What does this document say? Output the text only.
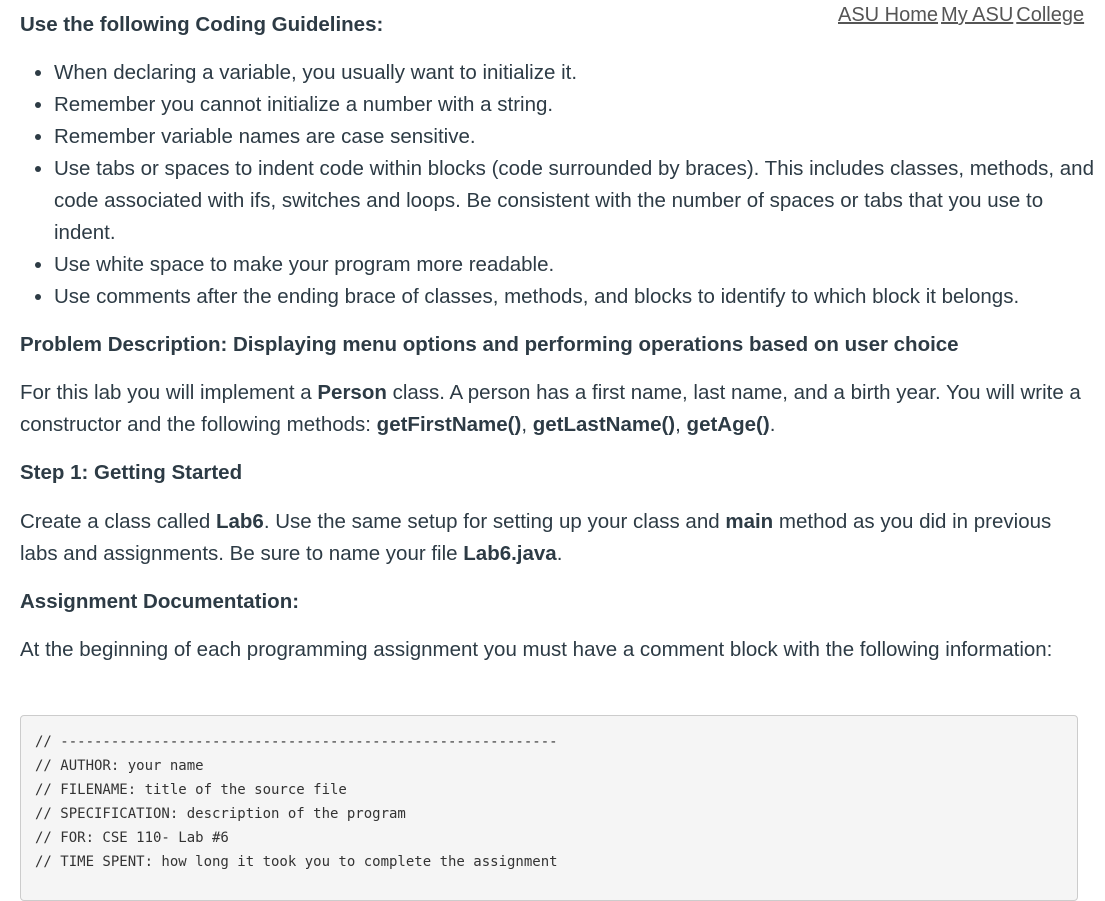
ASU Home My ASU College
Use the following Coding Guidelines:
• When declaring a variable, you usually want to initialize it.
• Remember you cannot initialize a number with a string.
• Remember variable names are case sensitive.
• Use tabs or spaces to indent code within blocks (code surrounded by braces). This includes classes, methods, and code associated with ifs, switches and loops. Be consistent with the number of spaces or tabs that you use to indent.
• Use white space to make your program more readable.
• Use comments after the ending brace of classes, methods, and blocks to identify to which block it belongs.
Problem Description: Displaying menu options and performing operations based on user choice

For this lab you will implement a Person class. A person has a first name, last name, and a birth year. You will write a constructor and the following methods: getFirstName(), getLastName(), getAge().

Step 1: Getting Started

Create a class called Lab6. Use the same setup for setting up your class and main method as you did in previous labs and assignments. Be sure to name your file Lab6.java.

Assignment Documentation:

At the beginning of each programming assignment you must have a comment block with the following information:

// -----------------------------------------------------------
// AUTHOR: your name
// FILENAME: title of the source file
// SPECIFICATION: description of the program
// FOR: CSE 110- Lab #6
// TIME SPENT: how long it took you to complete the assignment
